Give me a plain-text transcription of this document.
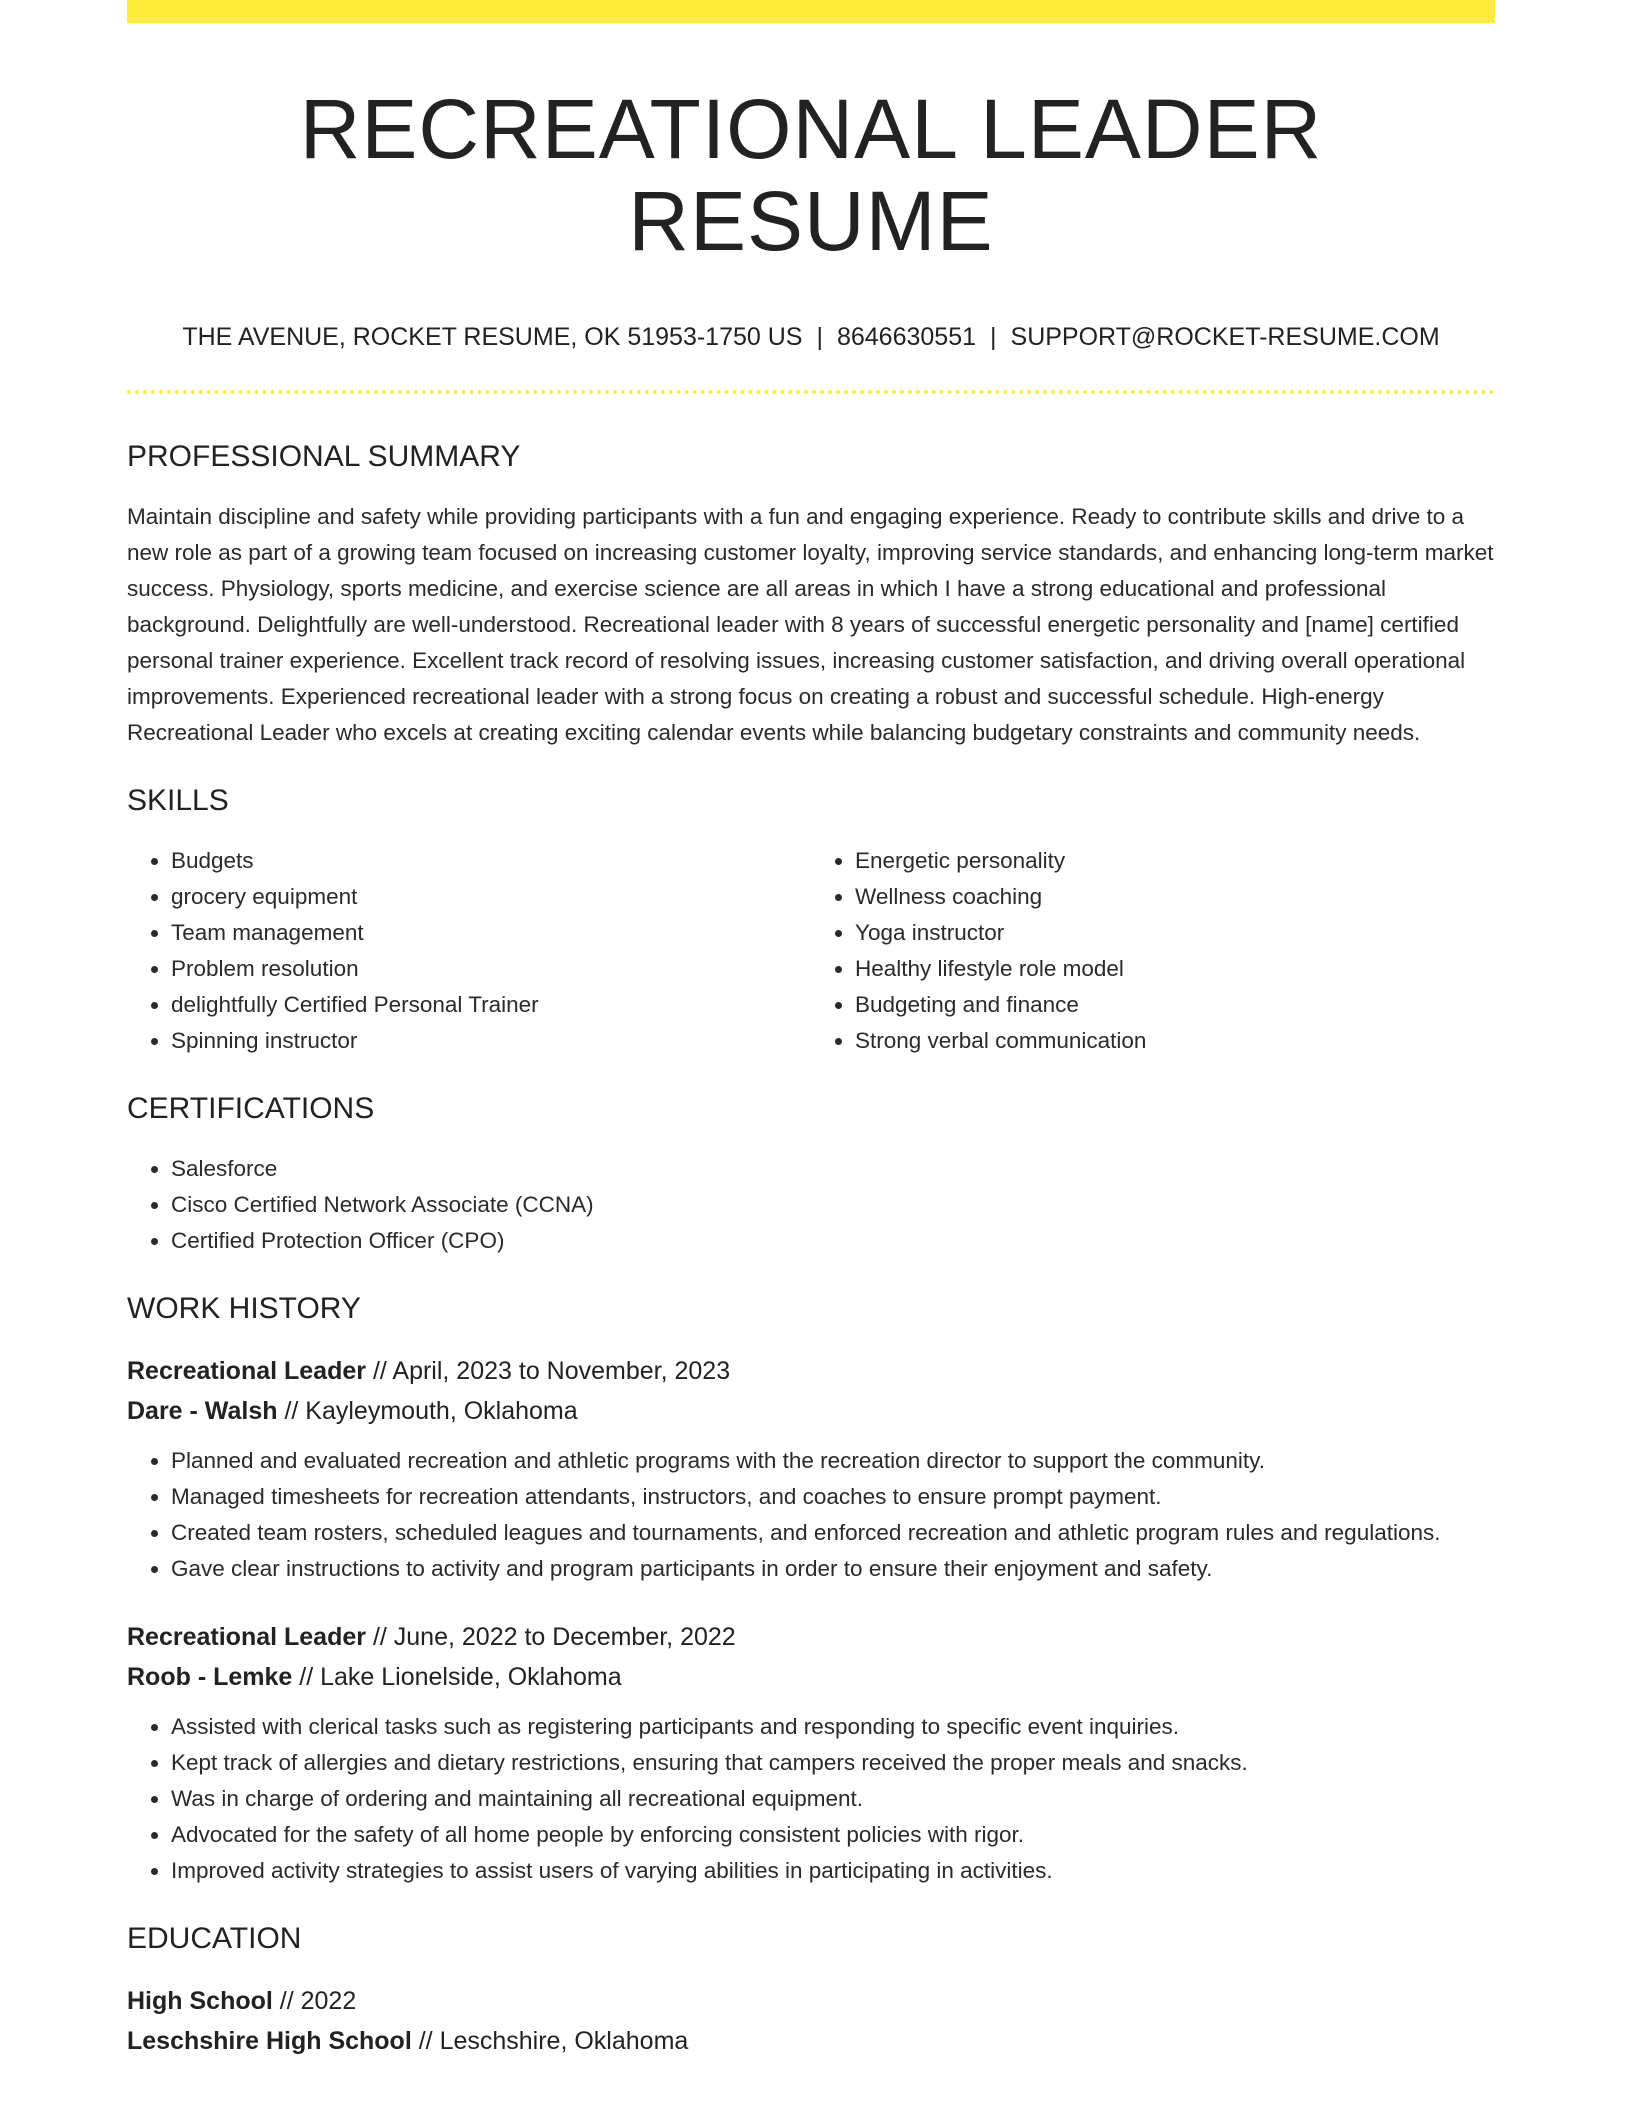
RECREATIONAL LEADER RESUME
THE AVENUE, ROCKET RESUME, OK 51953-1750 US | 8646630551 | SUPPORT@ROCKET-RESUME.COM
PROFESSIONAL SUMMARY

Maintain discipline and safety while providing participants with a fun and engaging experience. Ready to contribute skills and drive to a new role as part of a growing team focused on increasing customer loyalty, improving service standards, and enhancing long-term market success. Physiology, sports medicine, and exercise science are all areas in which I have a strong educational and professional background. Delightfully are well-understood. Recreational leader with 8 years of successful energetic personality and [name] certified personal trainer experience. Excellent track record of resolving issues, increasing customer satisfaction, and driving overall operational improvements. Experienced recreational leader with a strong focus on creating a robust and successful schedule. High-energy Recreational Leader who excels at creating exciting calendar events while balancing budgetary constraints and community needs.

SKILLS
• Budgets
• grocery equipment
• Team management
• Problem resolution
• delightfully Certified Personal Trainer
• Spinning instructor
• Energetic personality
• Wellness coaching
• Yoga instructor
• Healthy lifestyle role model
• Budgeting and finance
• Strong verbal communication
CERTIFICATIONS
• Salesforce
• Cisco Certified Network Associate (CCNA)
• Certified Protection Officer (CPO)
WORK HISTORY
Recreational Leader // April, 2023 to November, 2023
Dare - Walsh // Kayleymouth, Oklahoma
• Planned and evaluated recreation and athletic programs with the recreation director to support the community.
• Managed timesheets for recreation attendants, instructors, and coaches to ensure prompt payment.
• Created team rosters, scheduled leagues and tournaments, and enforced recreation and athletic program rules and regulations.
• Gave clear instructions to activity and program participants in order to ensure their enjoyment and safety.
Recreational Leader // June, 2022 to December, 2022
Roob - Lemke // Lake Lionelside, Oklahoma
• Assisted with clerical tasks such as registering participants and responding to specific event inquiries.
• Kept track of allergies and dietary restrictions, ensuring that campers received the proper meals and snacks.
• Was in charge of ordering and maintaining all recreational equipment.
• Advocated for the safety of all home people by enforcing consistent policies with rigor.
• Improved activity strategies to assist users of varying abilities in participating in activities.
EDUCATION
High School // 2022
Leschshire High School // Leschshire, Oklahoma
